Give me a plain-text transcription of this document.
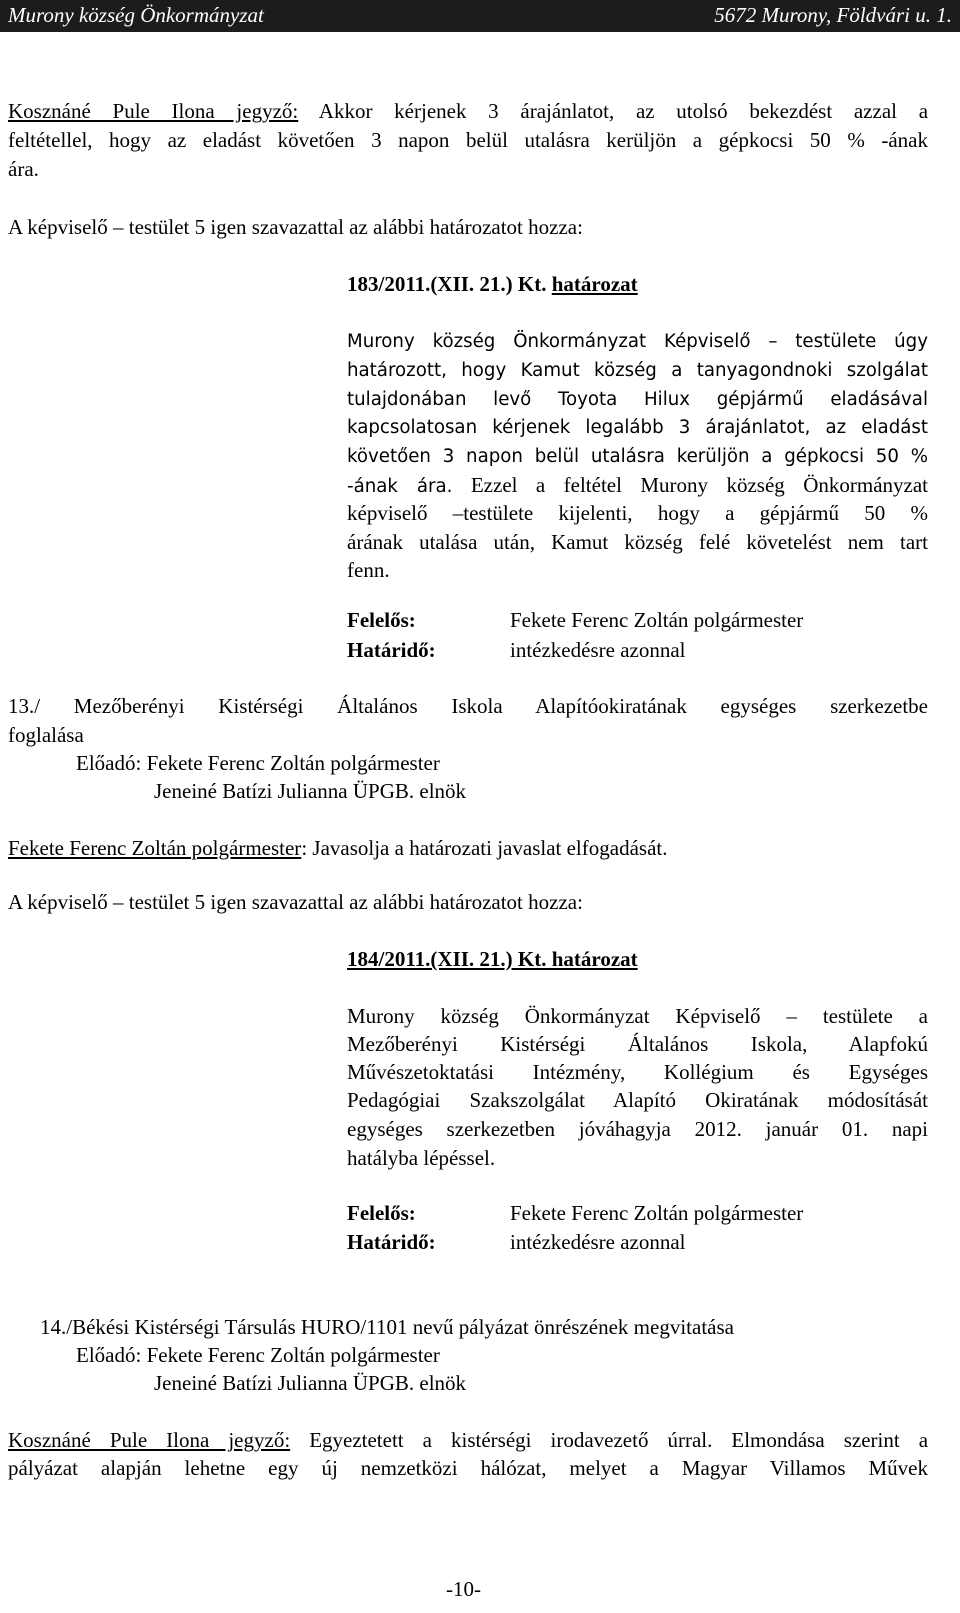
Murony község Önkormányzat	5672 Murony, Földvári u. 1.
Kosznáné Pule Ilona jegyző: Akkor kérjenek 3 árajánlatot, az utolsó bekezdést azzal a
feltétellel, hogy az eladást követően 3 napon belül utalásra kerüljön a gépkocsi 50 % -ának
ára.
A képviselő – testület 5 igen szavazattal az alábbi határozatot hozza:
183/2011.(XII. 21.) Kt. határozat
Murony község Önkormányzat Képviselő – testülete úgy
határozott, hogy Kamut község a tanyagondnoki szolgálat
tulajdonában levő Toyota Hilux gépjármű eladásával
kapcsolatosan kérjenek legalább 3 árajánlatot, az eladást
követően 3 napon belül utalásra kerüljön a gépkocsi 50 %
-ának ára. Ezzel a feltétel Murony község Önkormányzat
képviselő –testülete kijelenti, hogy a gépjármű 50 %
árának utalása után, Kamut község felé követelést nem tart
fenn.
Felelős:	Fekete Ferenc Zoltán polgármester
Határidő:	intézkedésre azonnal
13./ Mezőberényi Kistérségi Általános Iskola Alapítóokiratának egységes szerkezetbe
foglalása
Előadó: Fekete Ferenc Zoltán polgármester
Jeneiné Batízi Julianna ÜPGB. elnök
Fekete Ferenc Zoltán polgármester: Javasolja a határozati javaslat elfogadását.
A képviselő – testület 5 igen szavazattal az alábbi határozatot hozza:
184/2011.(XII. 21.) Kt. határozat
Murony község Önkormányzat Képviselő – testülete a
Mezőberényi Kistérségi Általános Iskola, Alapfokú
Művészetoktatási Intézmény, Kollégium és Egységes
Pedagógiai Szakszolgálat Alapító Okiratának módosítását
egységes szerkezetben jóváhagyja 2012. január 01. napi
hatályba lépéssel.
Felelős:	Fekete Ferenc Zoltán polgármester
Határidő:	intézkedésre azonnal
14./Békési Kistérségi Társulás HURO/1101 nevű pályázat önrészének megvitatása
Előadó: Fekete Ferenc Zoltán polgármester
Jeneiné Batízi Julianna ÜPGB. elnök
Kosznáné Pule Ilona jegyző: Egyeztetett a kistérségi irodavezető úrral. Elmondása szerint a
pályázat alapján lehetne egy új nemzetközi hálózat, melyet a Magyar Villamos Művek
-10-
